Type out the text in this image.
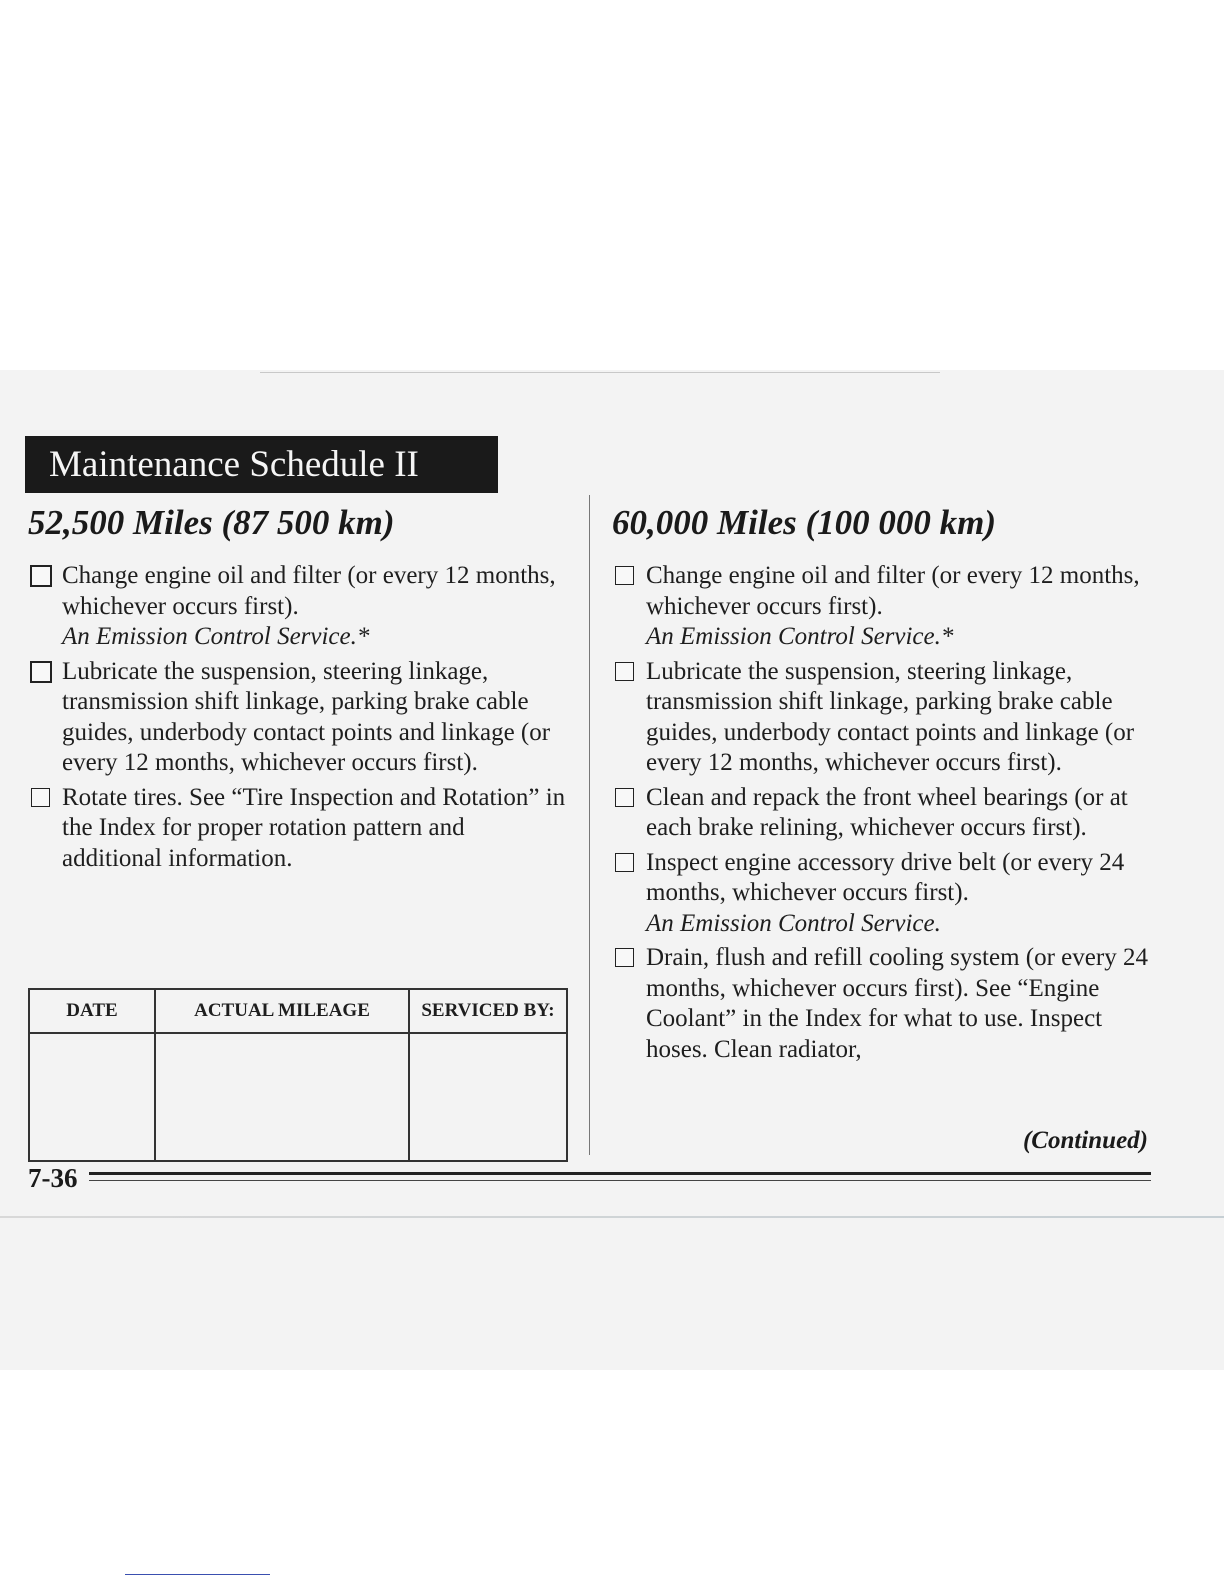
Maintenance Schedule II
52,500 Miles (87 500 km)
Change engine oil and filter (or every 12 months, whichever occurs first).
An Emission Control Service.*
Lubricate the suspension, steering linkage, transmission shift linkage, parking brake cable guides, underbody contact points and linkage (or every 12 months, whichever occurs first).
Rotate tires. See “Tire Inspection and Rotation” in the Index for proper rotation pattern and additional information.
DATE	ACTUAL MILEAGE	SERVICED BY:

60,000 Miles (100 000 km)
Change engine oil and filter (or every 12 months, whichever occurs first).
An Emission Control Service.*
Lubricate the suspension, steering linkage, transmission shift linkage, parking brake cable guides, underbody contact points and linkage (or every 12 months, whichever occurs first).
Clean and repack the front wheel bearings (or at each brake relining, whichever occurs first).
Inspect engine accessory drive belt (or every 24 months, whichever occurs first).
An Emission Control Service.
Drain, flush and refill cooling system (or every 24 months, whichever occurs first). See “Engine Coolant” in the Index for what to use. Inspect hoses. Clean radiator,
(Continued)
7-36
